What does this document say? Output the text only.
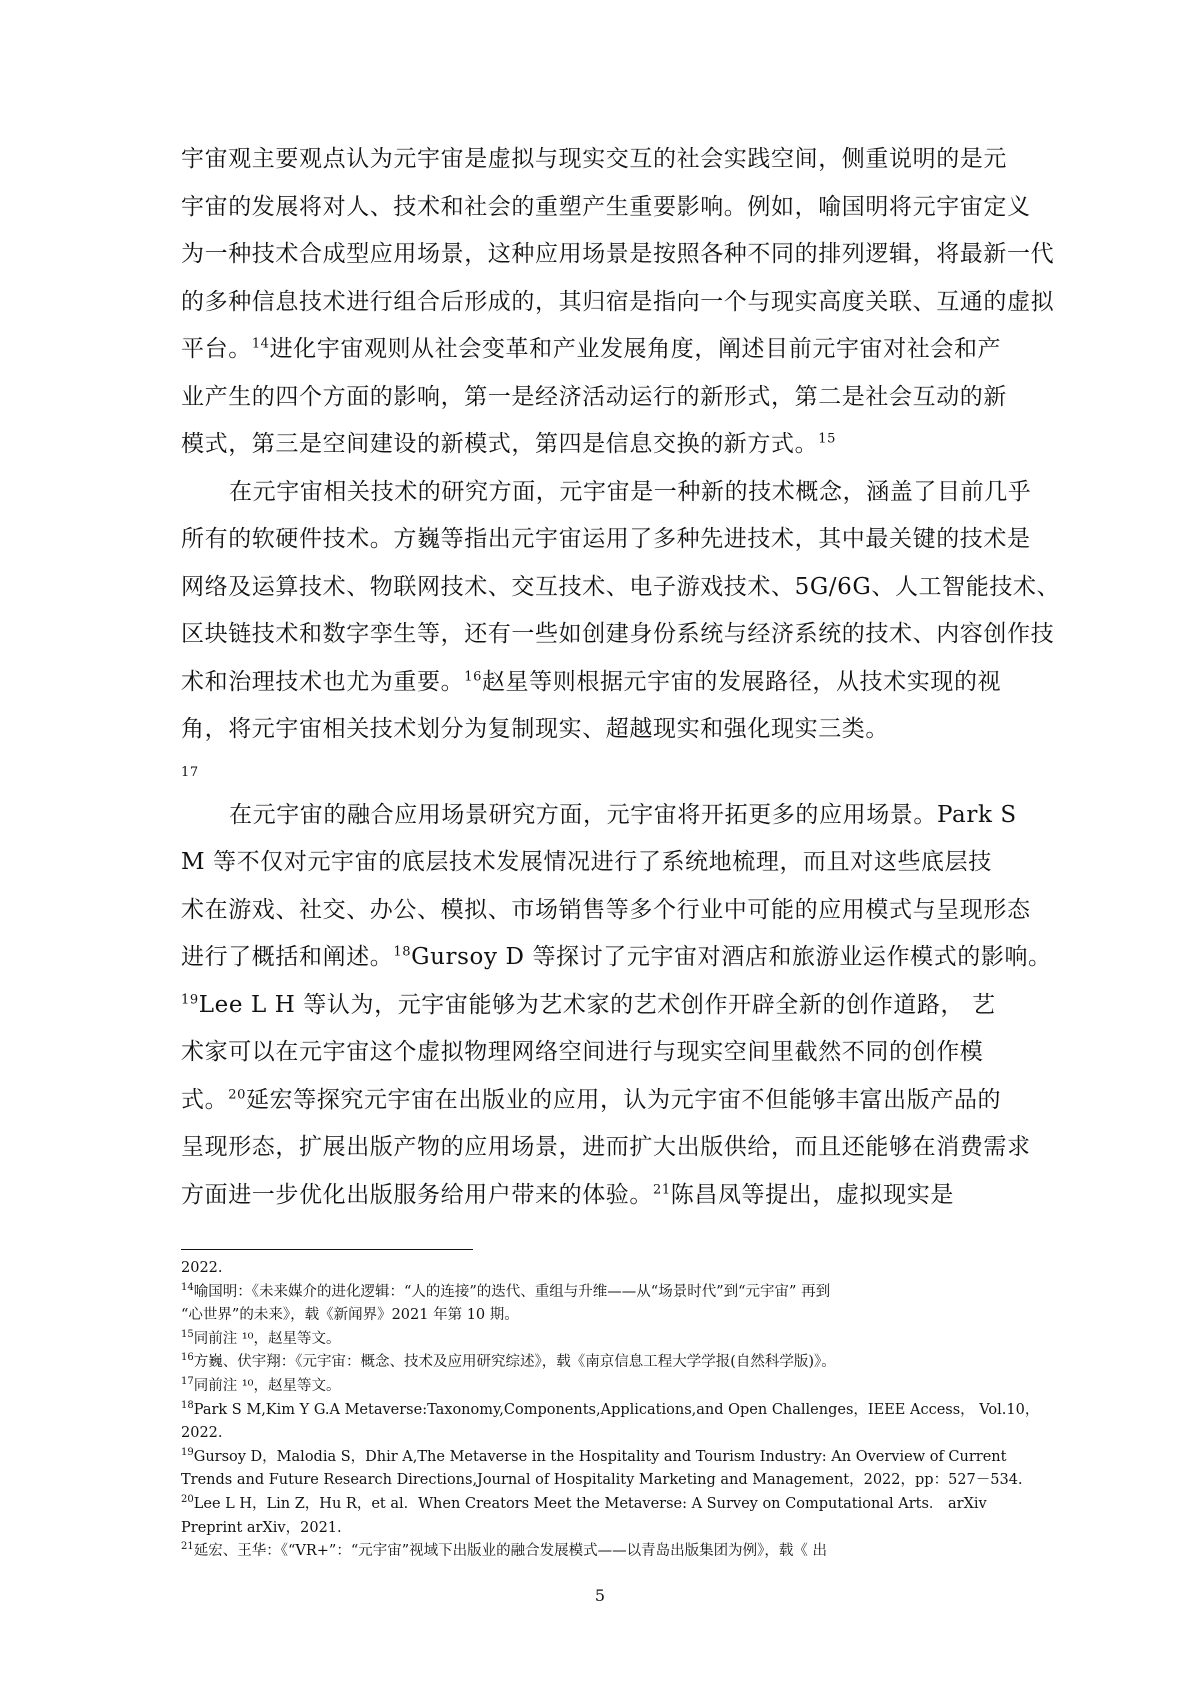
宇宙观主要观点认为元宇宙是虚拟与现实交互的社会实践空间，侧重说明的是元
宇宙的发展将对人、技术和社会的重塑产生重要影响。例如，喻国明将元宇宙定义
为一种技术合成型应用场景，这种应用场景是按照各种不同的排列逻辑，将最新一代
的多种信息技术进行组合后形成的，其归宿是指向一个与现实高度关联、互通的虚拟
平台。$^{14}$进化宇宙观则从社会变革和产业发展角度，阐述目前元宇宙对社会和产
业产生的四个方面的影响，第一是经济活动运行的新形式，第二是社会互动的新
模式，第三是空间建设的新模式，第四是信息交换的新方式。$^{15}$
在元宇宙相关技术的研究方面，元宇宙是一种新的技术概念，涵盖了目前几乎
所有的软硬件技术。方巍等指出元宇宙运用了多种先进技术，其中最关键的技术是
网络及运算技术、物联网技术、交互技术、电子游戏技术、5G/6G、人工智能技术、
区块链技术和数字孪生等，还有一些如创建身份系统与经济系统的技术、内容创作技
术和治理技术也尤为重要。$^{16}$赵星等则根据元宇宙的发展路径，从技术实现的视
角，将元宇宙相关技术划分为复制现实、超越现实和强化现实三类。
17
在元宇宙的融合应用场景研究方面，元宇宙将开拓更多的应用场景。Park S
M 等不仅对元宇宙的底层技术发展情况进行了系统地梳理，而且对这些底层技
术在游戏、社交、办公、模拟、市场销售等多个行业中可能的应用模式与呈现形态
进行了概括和阐述。$^{18}$Gursoy D 等探讨了元宇宙对酒店和旅游业运作模式的影响。
$^{19}$Lee L H 等认为，元宇宙能够为艺术家的艺术创作开辟全新的创作道路， 艺
术家可以在元宇宙这个虚拟物理网络空间进行与现实空间里截然不同的创作模
式。$^{20}$延宏等探究元宇宙在出版业的应用，认为元宇宙不但能够丰富出版产品的
呈现形态，扩展出版产物的应用场景，进而扩大出版供给，而且还能够在消费需求
方面进一步优化出版服务给用户带来的体验。$^{21}$陈昌凤等提出，虚拟现实是
2022.
$^{14}$喻国明：《未来媒介的进化逻辑：“人的连接”的迭代、重组与升维——从“场景时代”到“元宇宙” 再到
“心世界”的未来》，载《新闻界》2021 年第 10 期。
$^{15}$同前注 ¹⁰，赵星等文。
$^{16}$方巍、伏宇翔：《元宇宙：概念、技术及应用研究综述》，载《南京信息工程大学学报(自然科学版)》。
$^{17}$同前注 ¹⁰，赵星等文。
$^{18}$Park S M,Kim Y G.A Metaverse:Taxonomy,Components,Applications,and Open Challenges，IEEE Access， Vol.10，
2022.
$^{19}$Gursoy D，Malodia S，Dhir A,The Metaverse in the Hospitality and Tourism Industry: An Overview of Current
Trends and Future Research Directions,Journal of Hospitality Marketing and Management，2022，pp：527－534.
$^{20}$Lee L H，Lin Z，Hu R，et al．When Creators Meet the Metaverse: A Survey on Computational Arts． arXiv
Preprint arXiv，2021.
$^{21}$延宏、王华：《“VR+”：“元宇宙”视域下出版业的融合发展模式——以青岛出版集团为例》，载《 出
5
